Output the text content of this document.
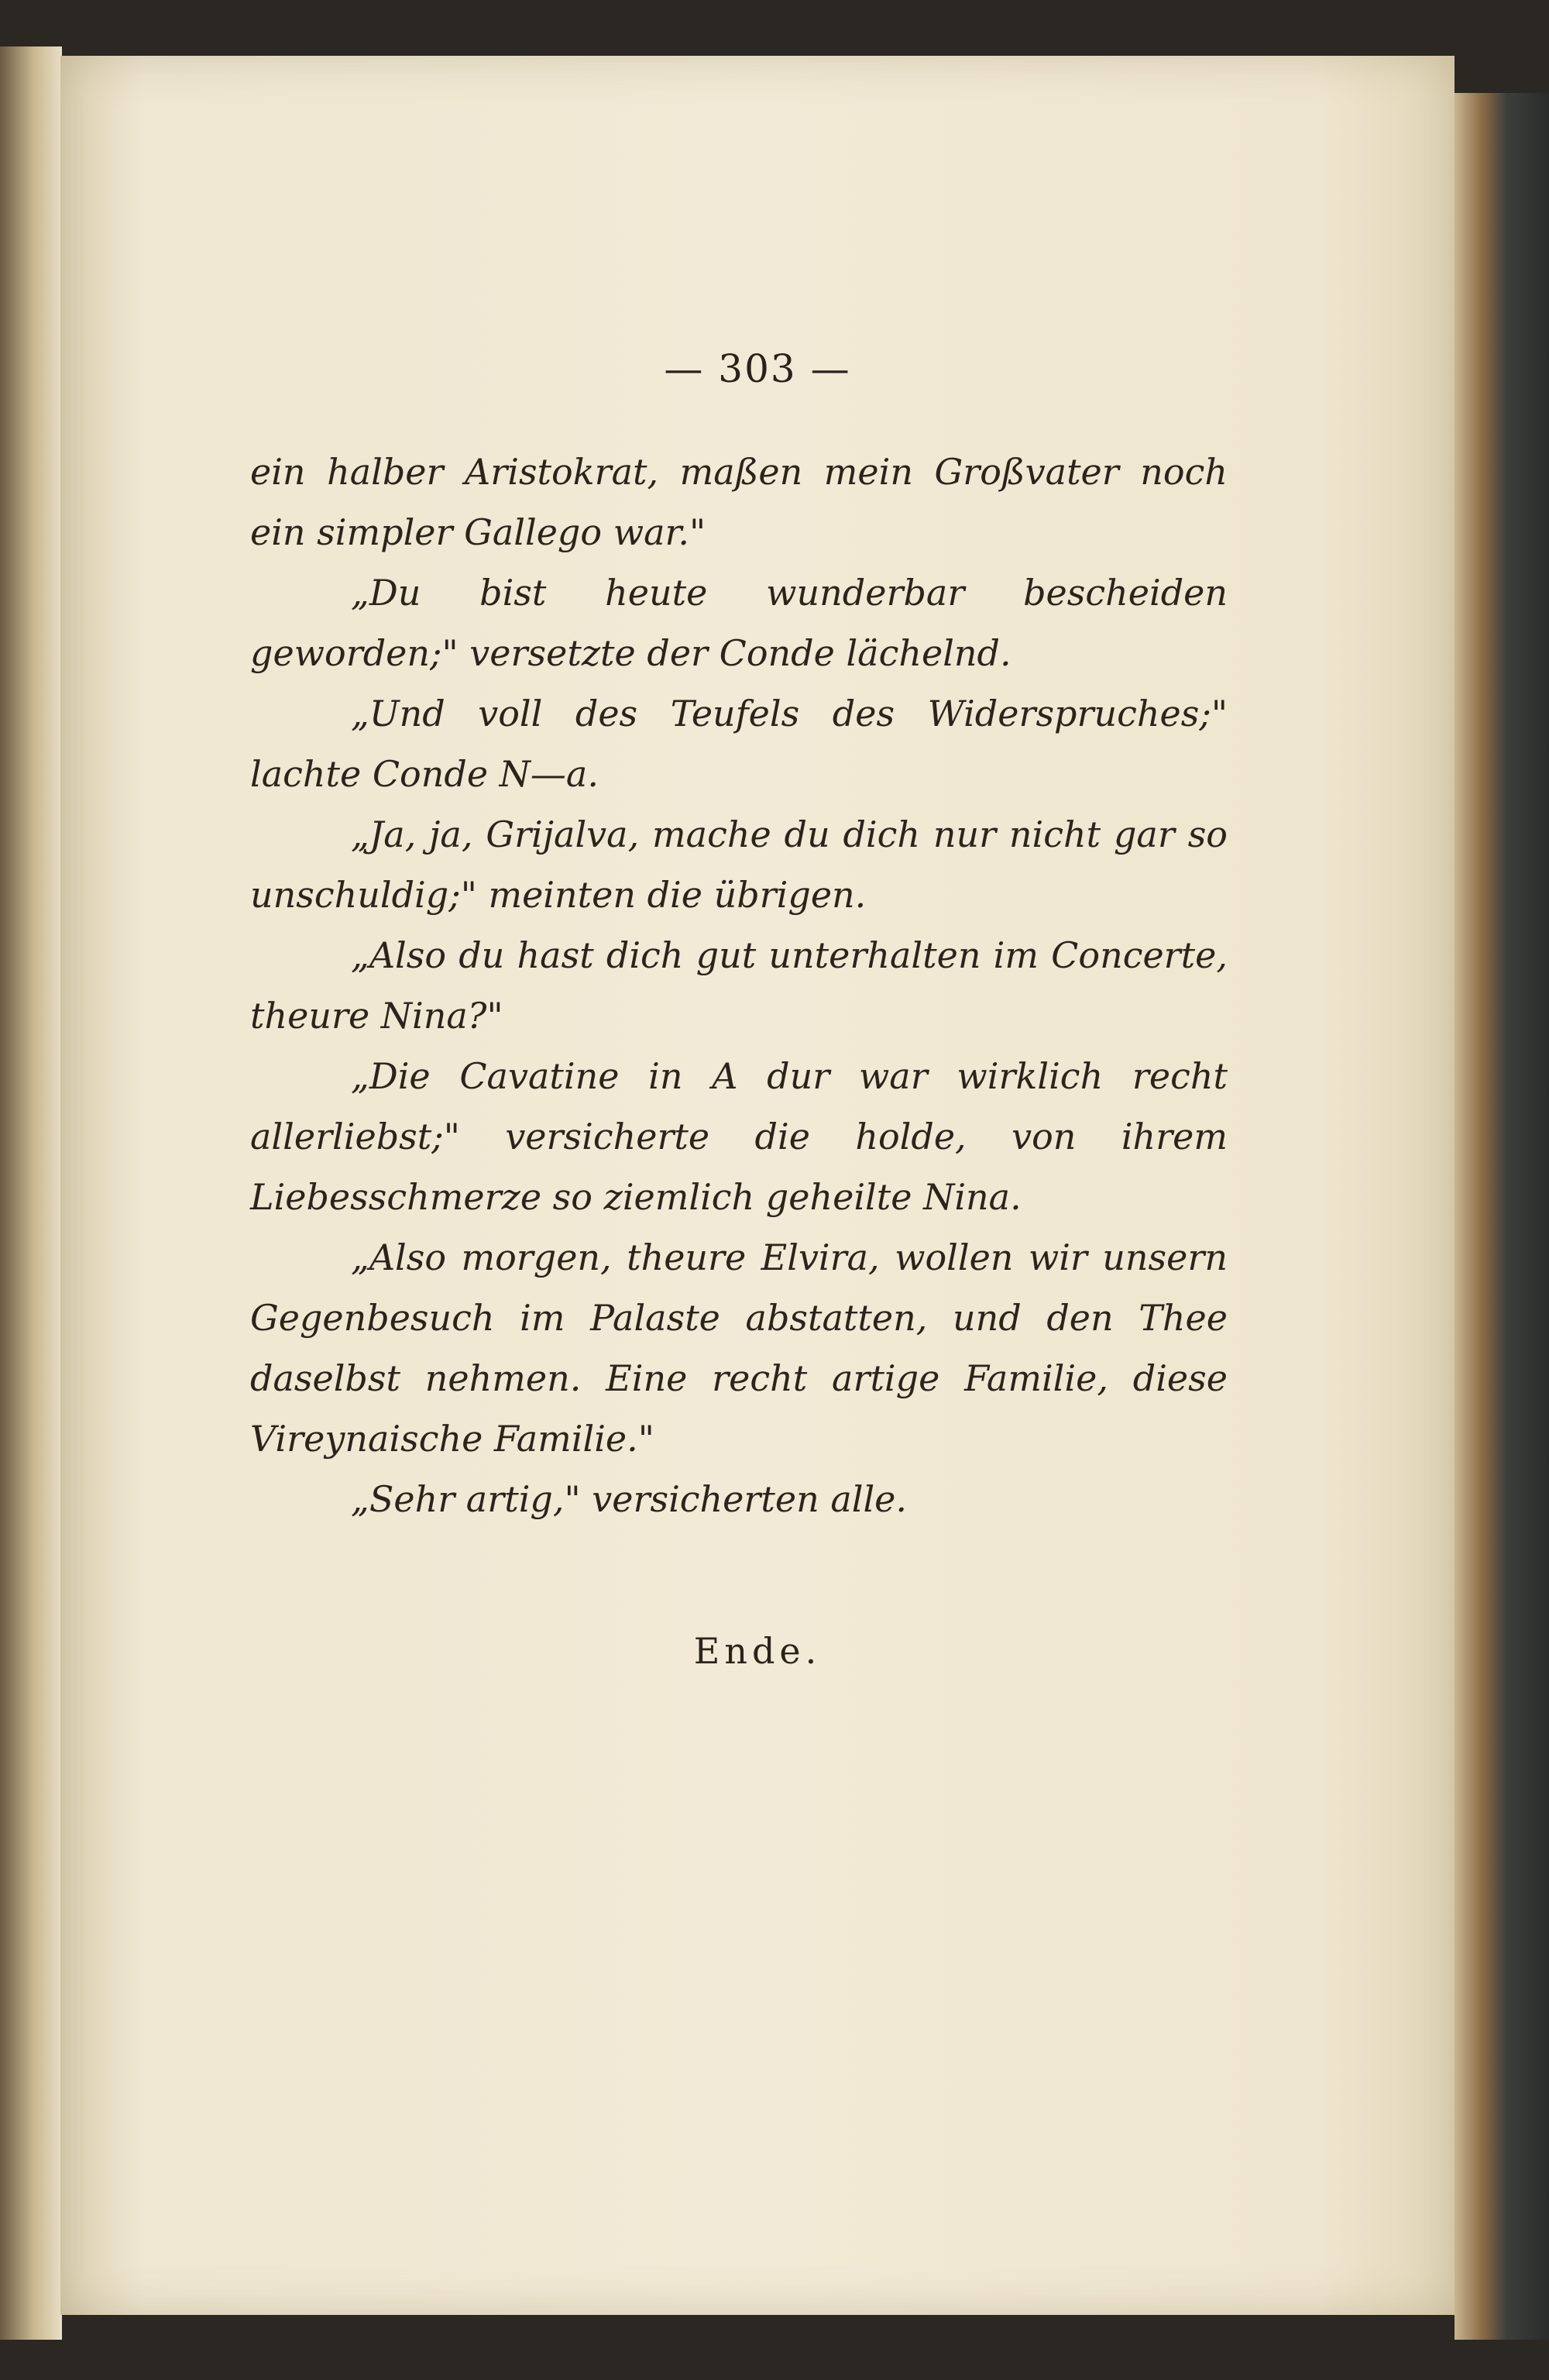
— 303 —

ein halber Aristokrat, maßen mein Großvater noch ein simpler Gallego war."

„Du bist heute wunderbar bescheiden geworden;" versetzte der Conde lächelnd.

„Und voll des Teufels des Widerspruches;" lachte Conde N—a.

„Ja, ja, Grijalva, mache du dich nur nicht gar so unschuldig;" meinten die übrigen.

„Also du hast dich gut unterhalten im Concerte, theure Nina?"

„Die Cavatine in A dur war wirklich recht allerliebst;" versicherte die holde, von ihrem Liebesschmerze so ziemlich geheilte Nina.

„Also morgen, theure Elvira, wollen wir unsern Gegenbesuch im Palaste abstatten, und den Thee daselbst nehmen. Eine recht artige Familie, diese Vireynaische Familie."

„Sehr artig," versicherten alle.

Ende.
